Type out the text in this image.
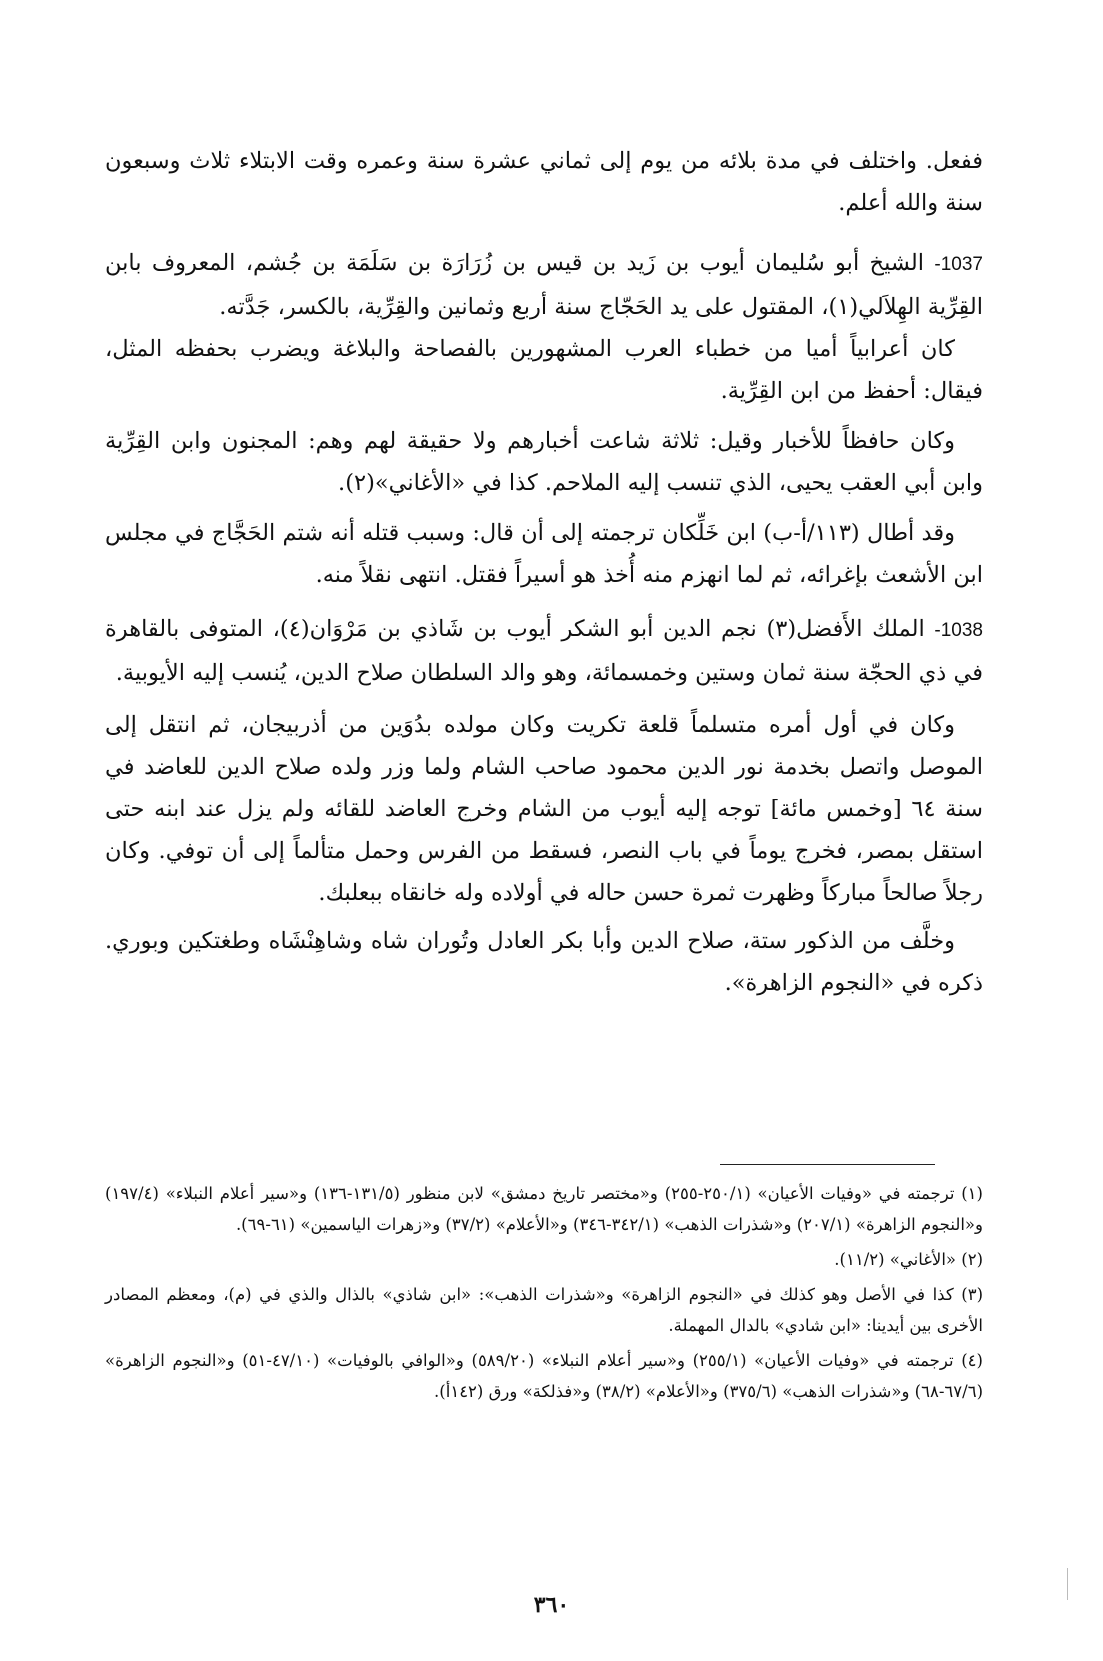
ففعل. واختلف في مدة بلائه من يوم إلى ثماني عشرة سنة وعمره وقت الابتلاء ثلاث وسبعون سنة والله أعلم.

1037- الشيخ أبو سُليمان أيوب بن زَيد بن قيس بن زُرَارَة بن سَلَمَة بن جُشم، المعروف بابن القِرِّية الهِلاَلي(١)، المقتول على يد الحَجّاج سنة أربع وثمانين والقِرِّية، بالكسر، جَدَّته.

كان أعرابياً أميا من خطباء العرب المشهورين بالفصاحة والبلاغة ويضرب بحفظه المثل، فيقال: أحفظ من ابن القِرِّية.

وكان حافظاً للأخبار وقيل: ثلاثة شاعت أخبارهم ولا حقيقة لهم وهم: المجنون وابن القِرِّية وابن أبي العقب يحيى، الذي تنسب إليه الملاحم. كذا في «الأغاني»(٢).

وقد أطال (١١٣/أ-ب) ابن خَلِّكان ترجمته إلى أن قال: وسبب قتله أنه شتم الحَجَّاج في مجلس ابن الأشعث بإغرائه، ثم لما انهزم منه أُخذ هو أسيراً فقتل. انتهى نقلاً منه.

1038- الملك الأَفضل(٣) نجم الدين أبو الشكر أيوب بن شَاذي بن مَرْوَان(٤)، المتوفى بالقاهرة في ذي الحجّة سنة ثمان وستين وخمسمائة، وهو والد السلطان صلاح الدين، يُنسب إليه الأيوبية.

وكان في أول أمره متسلماً قلعة تكريت وكان مولده بدُوَين من أذربيجان، ثم انتقل إلى الموصل واتصل بخدمة نور الدين محمود صاحب الشام ولما وزر ولده صلاح الدين للعاضد في سنة ٦٤ [وخمس مائة] توجه إليه أيوب من الشام وخرج العاضد للقائه ولم يزل عند ابنه حتى استقل بمصر، فخرج يوماً في باب النصر، فسقط من الفرس وحمل متألماً إلى أن توفي. وكان رجلاً صالحاً مباركاً وظهرت ثمرة حسن حاله في أولاده وله خانقاه ببعلبك.

وخلَّف من الذكور ستة، صلاح الدين وأبا بكر العادل وتُوران شاه وشاهِنْشَاه وطغتكين وبوري. ذكره في «النجوم الزاهرة».

(١) ترجمته في «وفيات الأعيان» (٢٥٠/١-٢٥٥) و«مختصر تاريخ دمشق» لابن منظور (١٣١/٥-١٣٦) و«سير أعلام النبلاء» (١٩٧/٤) و«النجوم الزاهرة» (٢٠٧/١) و«شذرات الذهب» (٣٤٢/١-٣٤٦) و«الأعلام» (٣٧/٢) و«زهرات الياسمين» (٦١-٦٩).

(٢) «الأغاني» (١١/٢).

(٣) كذا في الأصل وهو كذلك في «النجوم الزاهرة» و«شذرات الذهب»: «ابن شاذي» بالذال والذي في (م)، ومعظم المصادر الأخرى بين أيدينا: «ابن شادي» بالدال المهملة.

(٤) ترجمته في «وفيات الأعيان» (٢٥٥/١) و«سير أعلام النبلاء» (٥٨٩/٢٠) و«الوافي بالوفيات» (٤٧/١٠-٥١) و«النجوم الزاهرة» (٦٧/٦-٦٨) و«شذرات الذهب» (٣٧٥/٦) و«الأعلام» (٣٨/٢) و«فذلكة» ورق (١٤٢أ).

٣٦٠
